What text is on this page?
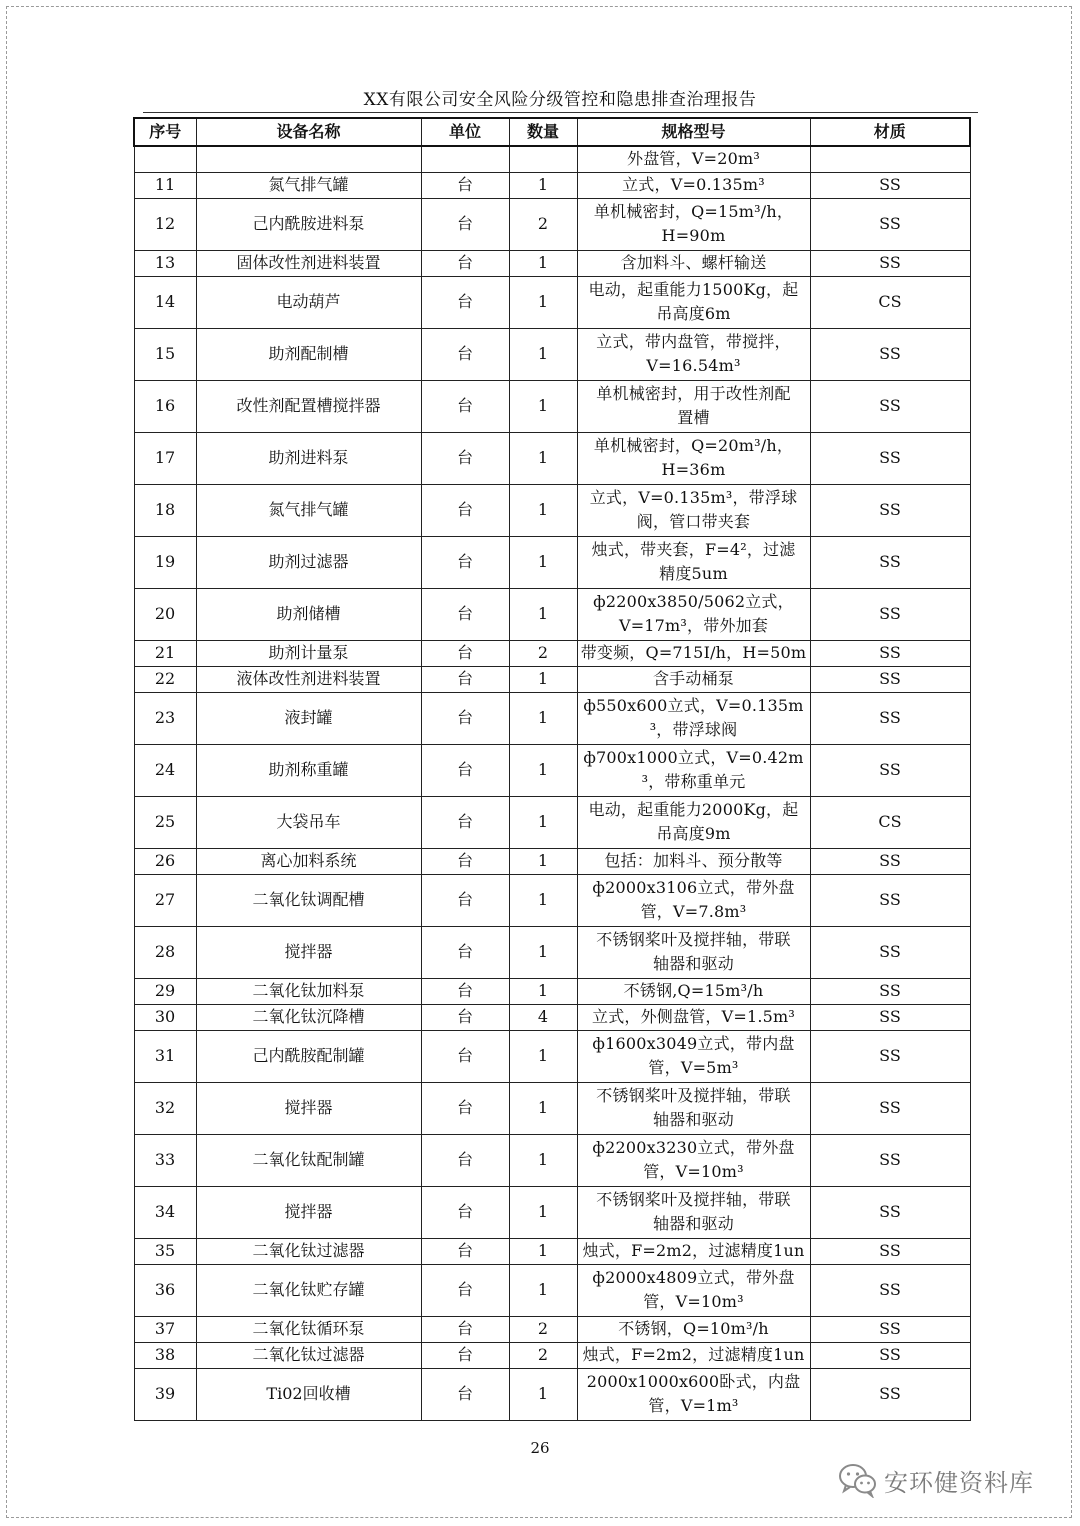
XX有限公司安全风险分级管控和隐患排查治理报告
序号	设备名称	单位	数量	规格型号	材质

				外盘管，V=20m³	

11	氮气排气罐	台	1	立式，V=0.135m³	SS
12	己内酰胺进料泵	台	2	单机械密封，Q=15m³/h，
H=90m	SS
13	固体改性剂进料装置	台	1	含加料斗、螺杆输送	SS
14	电动葫芦	台	1	电动，起重能力1500Kg，起
吊高度6m	CS
15	助剂配制槽	台	1	立式，带内盘管，带搅拌，
V=16.54m³	SS
16	改性剂配置槽搅拌器	台	1	单机械密封，用于改性剂配
置槽	SS
17	助剂进料泵	台	1	单机械密封，Q=20m³/h，
H=36m	SS
18	氮气排气罐	台	1	立式，V=0.135m³，带浮球
阀，管口带夹套	SS
19	助剂过滤器	台	1	烛式，带夹套，F=4²，过滤
精度5um	SS
20	助剂储槽	台	1	ф2200x3850/5062立式，
V=17m³，带外加套	SS
21	助剂计量泵	台	2	带变频，Q=715I/h，H=50m	SS
22	液体改性剂进料装置	台	1	含手动桶泵	SS
23	液封罐	台	1	ф550x600立式，V=0.135m
³，带浮球阀	SS
24	助剂称重罐	台	1	ф700x1000立式，V=0.42m
³，带称重单元	SS
25	大袋吊车	台	1	电动，起重能力2000Kg，起
吊高度9m	CS
26	离心加料系统	台	1	包括：加料斗、预分散等	SS
27	二氧化钛调配槽	台	1	ф2000x3106立式，带外盘
管，V=7.8m³	SS
28	搅拌器	台	1	不锈钢桨叶及搅拌轴，带联
轴器和驱动	SS
29	二氧化钛加料泵	台	1	不锈钢,Q=15m³/h	SS
30	二氧化钛沉降槽	台	4	立式，外侧盘管，V=1.5m³	SS
31	己内酰胺配制罐	台	1	ф1600x3049立式，带内盘
管，V=5m³	SS
32	搅拌器	台	1	不锈钢桨叶及搅拌轴，带联
轴器和驱动	SS
33	二氧化钛配制罐	台	1	ф2200x3230立式，带外盘
管，V=10m³	SS
34	搅拌器	台	1	不锈钢桨叶及搅拌轴，带联
轴器和驱动	SS
35	二氧化钛过滤器	台	1	烛式，F=2m2，过滤精度1un	SS
36	二氧化钛贮存罐	台	1	ф2000x4809立式，带外盘
管，V=10m³	SS
37	二氧化钛循环泵	台	2	不锈钢，Q=10m³/h	SS
38	二氧化钛过滤器	台	2	烛式，F=2m2，过滤精度1un	SS
39	Ti02回收槽	台	1	2000x1000x600卧式，内盘
管，V=1m³	SS
26
安环健资料库
